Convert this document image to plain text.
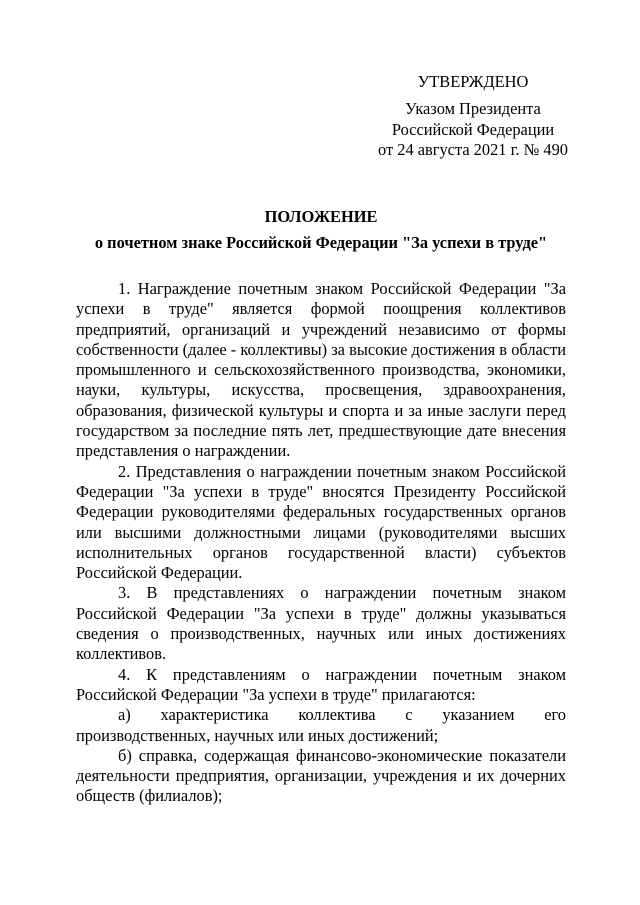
УТВЕРЖДЕНО
Указом Президента
Российской Федерации
от 24 августа 2021 г. № 490
ПОЛОЖЕНИЕ
о почетном знаке Российской Федерации "За успехи в труде"

1. Награждение почетным знаком Российской Федерации "За успехи в труде" является формой поощрения коллективов предприятий, организаций и учреждений независимо от формы собственности (далее - коллективы) за высокие достижения в области промышленного и сельскохозяйственного производства, экономики, науки, культуры, искусства, просвещения, здравоохранения, образования, физической культуры и спорта и за иные заслуги перед государством за последние пять лет, предшествующие дате внесения представления о награждении.

2. Представления о награждении почетным знаком Российской Федерации "За успехи в труде" вносятся Президенту Российской Федерации руководителями федеральных государственных органов или высшими должностными лицами (руководителями высших исполнительных органов государственной власти) субъектов Российской Федерации.

3. В представлениях о награждении почетным знаком Российской Федерации "За успехи в труде" должны указываться сведения о производственных, научных или иных достижениях коллективов.

4. К представлениям о награждении почетным знаком Российской Федерации "За успехи в труде" прилагаются:

а) характеристика коллектива с указанием его производственных, научных или иных достижений;

б) справка, содержащая финансово-экономические показатели деятельности предприятия, организации, учреждения и их дочерних обществ (филиалов);
